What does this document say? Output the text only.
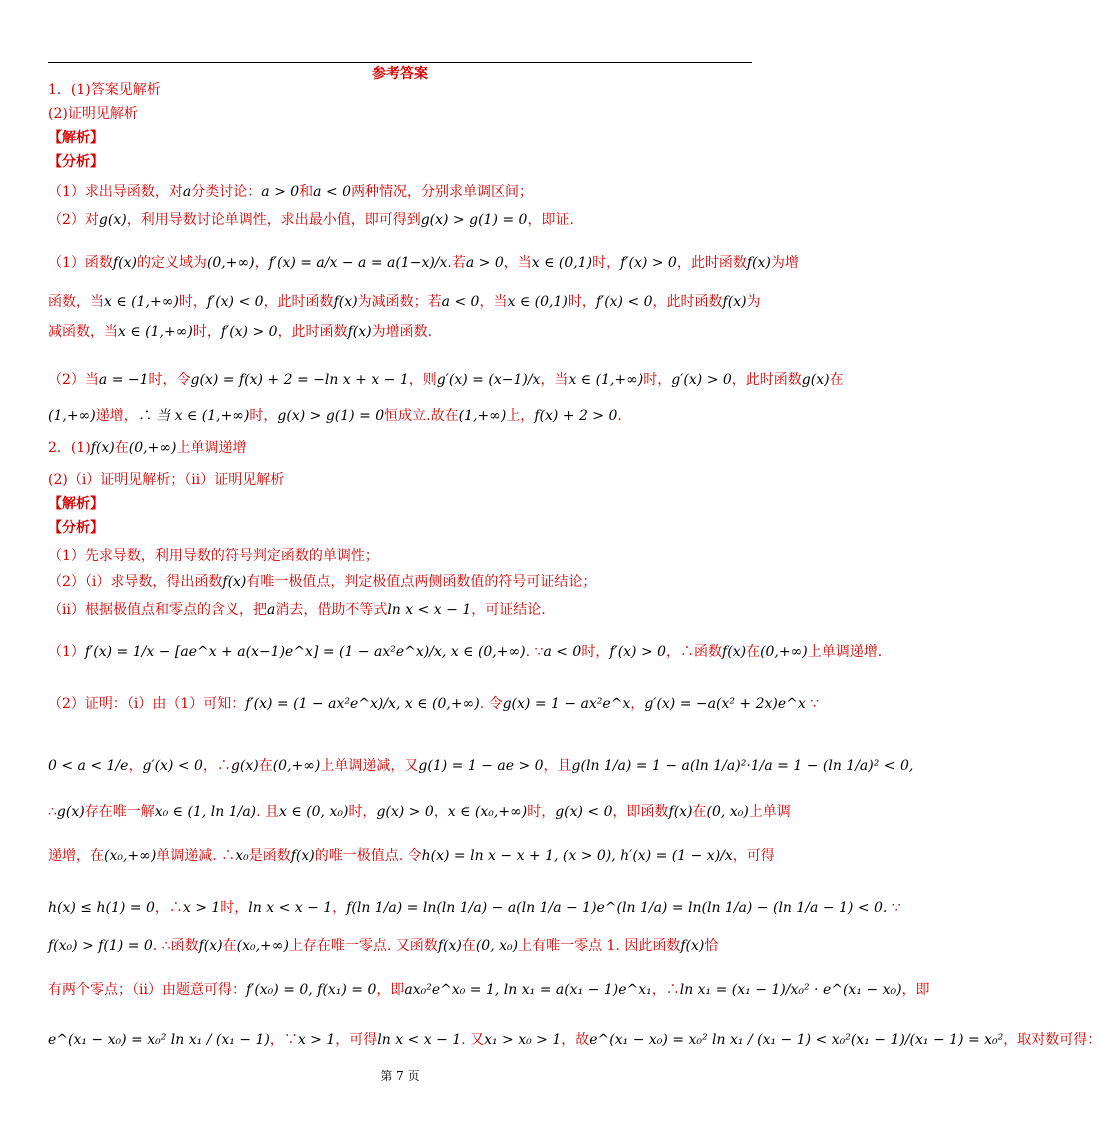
参考答案
1．(1)答案见解析
(2)证明见解析
【解析】
【分析】
（1）求出导函数，对a分类讨论：a > 0和a < 0两种情况，分别求单调区间；
（2）对g(x)，利用导数讨论单调性，求出最小值，即可得到g(x) > g(1) = 0，即证.
（1）函数f(x)的定义域为(0,+∞)，f′(x) = a/x − a = a(1−x)/x.若a > 0，当x ∈ (0,1)时，f′(x) > 0，此时函数f(x)为增
函数，当x ∈ (1,+∞)时，f′(x) < 0，此时函数f(x)为减函数；若a < 0，当x ∈ (0,1)时，f′(x) < 0，此时函数f(x)为
减函数，当x ∈ (1,+∞)时，f′(x) > 0，此时函数f(x)为增函数.
（2）当a = −1时，令g(x) = f(x) + 2 = −ln x + x − 1，则g′(x) = (x−1)/x，当x ∈ (1,+∞)时，g′(x) > 0，此时函数g(x)在
(1,+∞)递增，∴ 当 x ∈ (1,+∞)时，g(x) > g(1) = 0恒成立.故在(1,+∞)上，f(x) + 2 > 0.
2．(1)f(x)在(0,+∞)上单调递增
(2)（ⅰ）证明见解析；（ⅱ）证明见解析
【解析】
【分析】
（1）先求导数，利用导数的符号判定函数的单调性；
（2）（ⅰ）求导数，得出函数f(x)有唯一极值点，判定极值点两侧函数值的符号可证结论；
（ⅱ）根据极值点和零点的含义，把a消去，借助不等式ln x < x − 1，可证结论.
（1）f′(x) = 1/x − [ae^x + a(x−1)e^x] = (1 − ax²e^x)/x, x ∈ (0,+∞). ∵a < 0时，f′(x) > 0，∴函数f(x)在(0,+∞)上单调递增.
（2）证明：（i）由（1）可知：f′(x) = (1 − ax²e^x)/x, x ∈ (0,+∞). 令g(x) = 1 − ax²e^x，g′(x) = −a(x² + 2x)e^x ∵
0 < a < 1/e，g′(x) < 0，∴g(x)在(0,+∞)上单调递减，又g(1) = 1 − ae > 0，且g(ln 1/a) = 1 − a(ln 1/a)²·1/a = 1 − (ln 1/a)² < 0,
∴g(x)存在唯一解x₀ ∈ (1, ln 1/a). 且x ∈ (0, x₀)时，g(x) > 0，x ∈ (x₀,+∞)时，g(x) < 0，即函数f(x)在(0, x₀)上单调
递增，在(x₀,+∞)单调递减. ∴x₀是函数f(x)的唯一极值点. 令h(x) = ln x − x + 1, (x > 0), h′(x) = (1 − x)/x，可得
h(x) ≤ h(1) = 0，∴x > 1时，ln x < x − 1，f(ln 1/a) = ln(ln 1/a) − a(ln 1/a − 1)e^(ln 1/a) = ln(ln 1/a) − (ln 1/a − 1) < 0. ∵
f(x₀) > f(1) = 0. ∴函数f(x)在(x₀,+∞)上存在唯一零点. 又函数f(x)在(0, x₀)上有唯一零点 1. 因此函数f(x)恰
有两个零点；（ii）由题意可得：f′(x₀) = 0, f(x₁) = 0，即ax₀²e^x₀ = 1, ln x₁ = a(x₁ − 1)e^x₁，∴ln x₁ = (x₁ − 1)/x₀² · e^(x₁ − x₀)，即
e^(x₁ − x₀) = x₀² ln x₁ / (x₁ − 1)，∵x > 1，可得ln x < x − 1. 又x₁ > x₀ > 1，故e^(x₁ − x₀) = x₀² ln x₁ / (x₁ − 1) < x₀²(x₁ − 1)/(x₁ − 1) = x₀²，取对数可得：
第 7 页
